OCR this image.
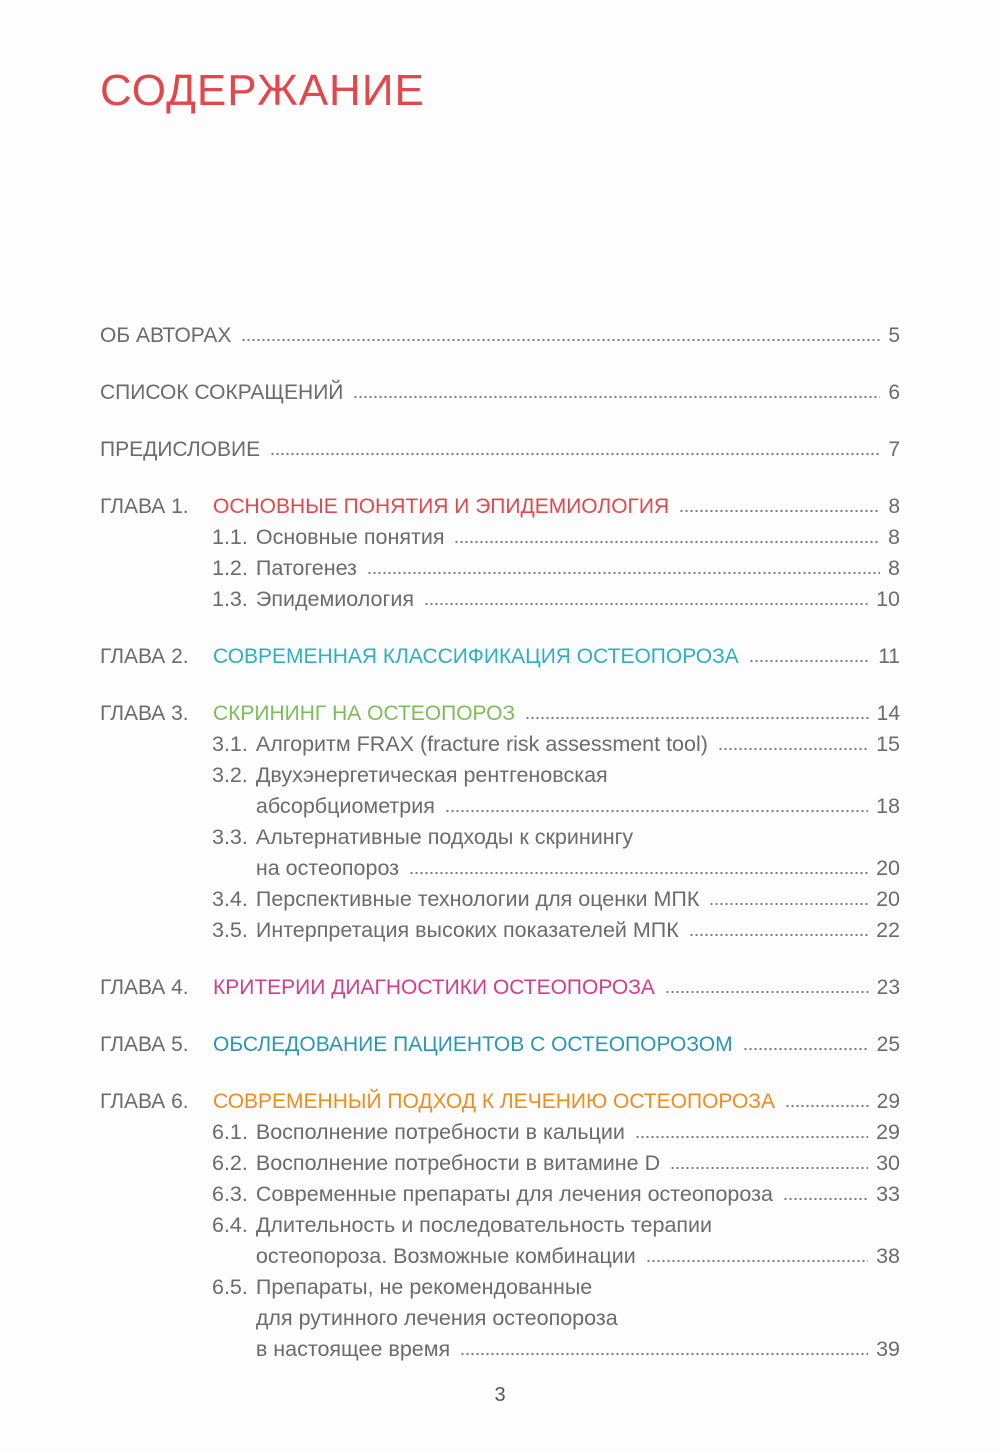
СОДЕРЖАНИЕ
ОБ АВТОРАХ	5
СПИСОК СОКРАЩЕНИЙ	6
ПРЕДИСЛОВИЕ	7
ГЛАВА 1.	ОСНОВНЫЕ ПОНЯТИЯ И ЭПИДЕМИОЛОГИЯ	8
1.1. Основные понятия	8
1.2. Патогенез	8
1.3. Эпидемиология	10
ГЛАВА 2.	СОВРЕМЕННАЯ КЛАССИФИКАЦИЯ ОСТЕОПОРОЗА	11
ГЛАВА 3.	СКРИНИНГ НА ОСТЕОПОРОЗ	14
3.1. Алгоритм FRAX (fracture risk assessment tool)	15
3.2. Двухэнергетическая рентгеновская
абсорбциометрия	18
3.3. Альтернативные подходы к скринингу
на остеопороз	20
3.4. Перспективные технологии для оценки МПК	20
3.5. Интерпретация высоких показателей МПК	22
ГЛАВА 4.	КРИТЕРИИ ДИАГНОСТИКИ ОСТЕОПОРОЗА	23
ГЛАВА 5.	ОБСЛЕДОВАНИЕ ПАЦИЕНТОВ С ОСТЕОПОРОЗОМ	25
ГЛАВА 6.	СОВРЕМЕННЫЙ ПОДХОД К ЛЕЧЕНИЮ ОСТЕОПОРОЗА	29
6.1. Восполнение потребности в кальции	29
6.2. Восполнение потребности в витамине D	30
6.3. Современные препараты для лечения остеопороза	33
6.4. Длительность и последовательность терапии
остеопороза. Возможные комбинации	38
6.5. Препараты, не рекомендованные
для рутинного лечения остеопороза
в настоящее время	39
3
